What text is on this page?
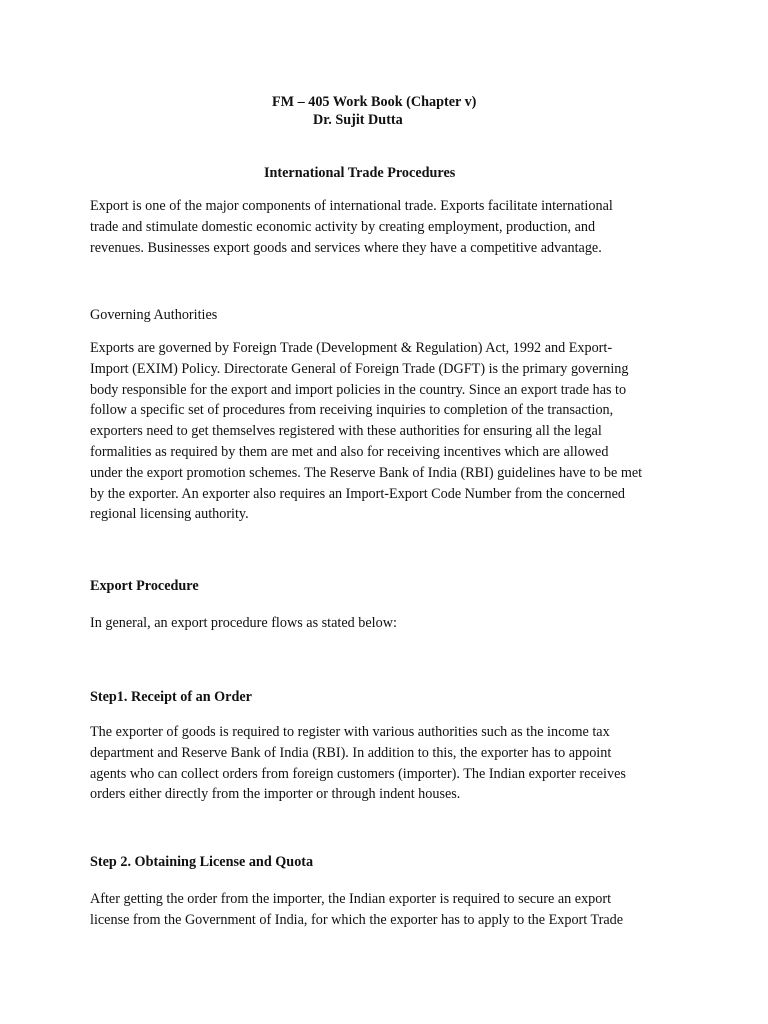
FM – 405 Work Book (Chapter v)
Dr. Sujit Dutta
International Trade Procedures
Export is one of the major components of international trade. Exports facilitate international
trade and stimulate domestic economic activity by creating employment, production, and
revenues. Businesses export goods and services where they have a competitive advantage.
Governing Authorities
Exports are governed by Foreign Trade (Development & Regulation) Act, 1992 and Export-
Import (EXIM) Policy. Directorate General of Foreign Trade (DGFT) is the primary governing
body responsible for the export and import policies in the country. Since an export trade has to
follow a specific set of procedures from receiving inquiries to completion of the transaction,
exporters need to get themselves registered with these authorities for ensuring all the legal
formalities as required by them are met and also for receiving incentives which are allowed
under the export promotion schemes. The Reserve Bank of India (RBI) guidelines have to be met
by the exporter. An exporter also requires an Import-Export Code Number from the concerned
regional licensing authority.
Export Procedure
In general, an export procedure flows as stated below:
Step1. Receipt of an Order
The exporter of goods is required to register with various authorities such as the income tax
department and Reserve Bank of India (RBI). In addition to this, the exporter has to appoint
agents who can collect orders from foreign customers (importer). The Indian exporter receives
orders either directly from the importer or through indent houses.
Step 2. Obtaining License and Quota
After getting the order from the importer, the Indian exporter is required to secure an export
license from the Government of India, for which the exporter has to apply to the Export Trade
